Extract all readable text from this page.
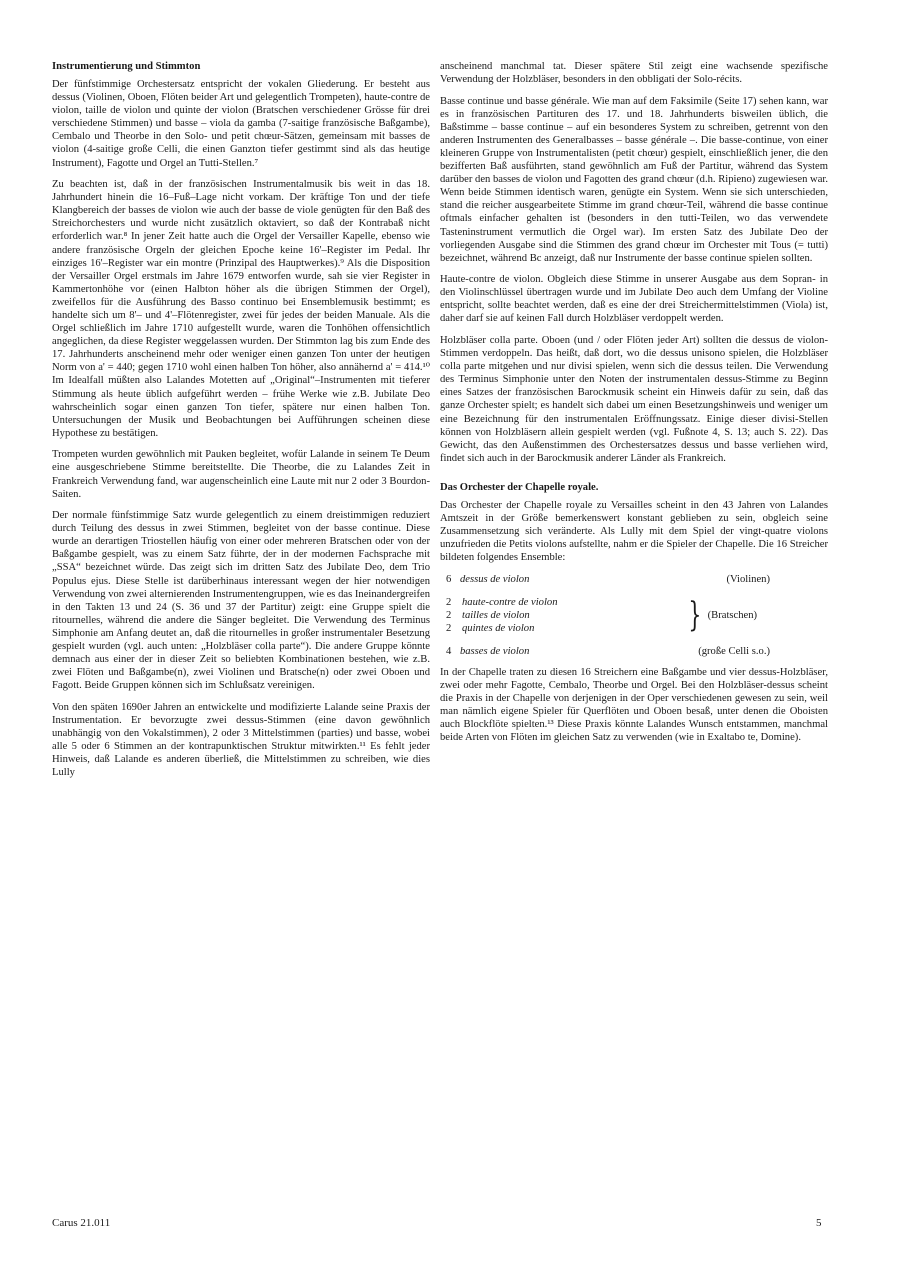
Instrumentierung und Stimmton

Der fünfstimmige Orchestersatz entspricht der vokalen Gliederung. Er besteht aus dessus (Violinen, Oboen, Flöten beider Art und gelegentlich Trompeten), haute-contre de violon, taille de violon und quinte der violon (Bratschen verschiedener Grösse für drei verschiedene Stimmen) und basse – viola da gamba (7-saitige französische Baßgambe), Cembalo und Theorbe in den Solo- und petit chœur-Sätzen, gemeinsam mit basses de violon (4-saitige große Celli, die einen Ganzton tiefer gestimmt sind als das heutige Instrument), Fagotte und Orgel an Tutti-Stellen.⁷

Zu beachten ist, daß in der französischen Instrumentalmusik bis weit in das 18. Jahrhundert hinein die 16–Fuß–Lage nicht vorkam. Der kräftige Ton und der tiefe Klangbereich der basses de violon wie auch der basse de viole genügten für den Baß des Streichorchesters und wurde nicht zusätzlich oktaviert, so daß der Kontrabaß nicht erforderlich war.⁸ In jener Zeit hatte auch die Orgel der Versailler Kapelle, ebenso wie andere französische Orgeln der gleichen Epoche keine 16'–Register im Pedal. Ihr einziges 16'–Register war ein montre (Prinzipal des Hauptwerkes).⁹ Als die Disposition der Versailler Orgel erstmals im Jahre 1679 entworfen wurde, sah sie vier Register in Kammertonhöhe vor (einen Halbton höher als die übrigen Stimmen der Orgel), zweifellos für die Ausführung des Basso continuo bei Ensemblemusik bestimmt; es handelte sich um 8'– und 4'–Flötenregister, zwei für jedes der beiden Manuale. Als die Orgel schließlich im Jahre 1710 aufgestellt wurde, waren die Tonhöhen offensichtlich angeglichen, da diese Register weggelassen wurden. Der Stimmton lag bis zum Ende des 17. Jahrhunderts anscheinend mehr oder weniger einen ganzen Ton unter der heutigen Norm von a' = 440; gegen 1710 wohl einen halben Ton höher, also annähernd a' = 414.¹⁰ Im Idealfall müßten also Lalandes Motetten auf „Original“–Instrumenten mit tieferer Stimmung als heute üblich aufgeführt werden – frühe Werke wie z.B. Jubilate Deo wahrscheinlich sogar einen ganzen Ton tiefer, spätere nur einen halben Ton. Untersuchungen der Musik und Beobachtungen bei Aufführungen scheinen diese Hypothese zu bestätigen.

Trompeten wurden gewöhnlich mit Pauken begleitet, wofür Lalande in seinem Te Deum eine ausgeschriebene Stimme bereitstellte. Die Theorbe, die zu Lalandes Zeit in Frankreich Verwendung fand, war augenscheinlich eine Laute mit nur 2 oder 3 Bourdon-Saiten.

Der normale fünfstimmige Satz wurde gelegentlich zu einem dreistimmigen reduziert durch Teilung des dessus in zwei Stimmen, begleitet von der basse continue. Diese wurde an derartigen Triostellen häufig von einer oder mehreren Bratschen oder von der Baßgambe gespielt, was zu einem Satz führte, der in der modernen Fachsprache mit „SSA“ bezeichnet würde. Das zeigt sich im dritten Satz des Jubilate Deo, dem Trio Populus ejus. Diese Stelle ist darüberhinaus interessant wegen der hier notwendigen Verwendung von zwei alternierenden Instrumentengruppen, wie es das Ineinandergreifen in den Takten 13 und 24 (S. 36 und 37 der Partitur) zeigt: eine Gruppe spielt die ritournelles, während die andere die Sänger begleitet. Die Verwendung des Terminus Simphonie am Anfang deutet an, daß die ritournelles in großer instrumentaler Besetzung gespielt wurden (vgl. auch unten: „Holzbläser colla parte“). Die andere Gruppe könnte demnach aus einer der in dieser Zeit so beliebten Kombinationen bestehen, wie z.B. zwei Flöten und Baßgambe(n), zwei Violinen und Bratsche(n) oder zwei Oboen und Fagott. Beide Gruppen können sich im Schlußsatz vereinigen.

Von den späten 1690er Jahren an entwickelte und modifizierte Lalande seine Praxis der Instrumentation. Er bevorzugte zwei dessus-Stimmen (eine davon gewöhnlich unabhängig von den Vokalstimmen), 2 oder 3 Mittelstimmen (parties) und basse, wobei alle 5 oder 6 Stimmen an der kontrapunktischen Struktur mitwirkten.¹¹ Es fehlt jeder Hinweis, daß Lalande es anderen überließ, die Mittelstimmen zu schreiben, wie dies Lully

anscheinend manchmal tat. Dieser spätere Stil zeigt eine wachsende spezifische Verwendung der Holzbläser, besonders in den obbligati der Solo-récits.

Basse continue und basse générale. Wie man auf dem Faksimile (Seite 17) sehen kann, war es in französischen Partituren des 17. und 18. Jahrhunderts bisweilen üblich, die Baßstimme – basse continue – auf ein besonderes System zu schreiben, getrennt von den anderen Instrumenten des Generalbasses – basse générale –. Die basse-continue, von einer kleineren Gruppe von Instrumentalisten (petit chœur) gespielt, einschließlich jener, die den bezifferten Baß ausführten, stand gewöhnlich am Fuß der Partitur, während das System darüber den basses de violon und Fagotten des grand chœur (d.h. Ripieno) zugewiesen war. Wenn beide Stimmen identisch waren, genügte ein System. Wenn sie sich unterschieden, stand die reicher ausgearbeitete Stimme im grand chœur-Teil, während die basse continue oftmals einfacher gehalten ist (besonders in den tutti-Teilen, wo das verwendete Tasteninstrument vermutlich die Orgel war). Im ersten Satz des Jubilate Deo der vorliegenden Ausgabe sind die Stimmen des grand chœur im Orchester mit Tous (= tutti) bezeichnet, während Bc anzeigt, daß nur Instrumente der basse continue spielen sollten.

Haute-contre de violon. Obgleich diese Stimme in unserer Ausgabe aus dem Sopran- in den Violinschlüssel übertragen wurde und im Jubilate Deo auch dem Umfang der Violine entspricht, sollte beachtet werden, daß es eine der drei Streichermittelstimmen (Viola) ist, daher darf sie auf keinen Fall durch Holzbläser verdoppelt werden.

Holzbläser colla parte. Oboen (und / oder Flöten jeder Art) sollten die dessus de violon-Stimmen verdoppeln. Das heißt, daß dort, wo die dessus unisono spielen, die Holzbläser colla parte mitgehen und nur divisi spielen, wenn sich die dessus teilen. Die Verwendung des Terminus Simphonie unter den Noten der instrumentalen dessus-Stimme zu Beginn eines Satzes der französischen Barockmusik scheint ein Hinweis dafür zu sein, daß das ganze Orchester spielt; es handelt sich dabei um einen Besetzungshinweis und weniger um eine Bezeichnung für den instrumentalen Eröffnungssatz. Einige dieser divisi-Stellen können von Holzbläsern allein gespielt werden (vgl. Fußnote 4, S. 13; auch S. 22). Das Gewicht, das den Außenstimmen des Orchestersatzes dessus und basse verliehen wird, findet sich auch in der Barockmusik anderer Länder als Frankreich.

Das Orchester der Chapelle royale.

Das Orchester der Chapelle royale zu Versailles scheint in den 43 Jahren von Lalandes Amtszeit in der Größe bemerkenswert konstant geblieben zu sein, obgleich seine Zusammensetzung sich veränderte. Als Lully mit dem Spiel der vingt-quatre violons unzufrieden die Petits violons aufstellte, nahm er die Spieler der Chapelle. Die 16 Streicher bildeten folgendes Ensemble:

6 dessus de violon	(Violinen)
2	haute-contre de violon
2	tailles de violon
2	quintes de violon	} (Bratschen)
4 basses de violon	(große Celli s.o.)

In der Chapelle traten zu diesen 16 Streichern eine Baßgambe und vier dessus-Holzbläser, zwei oder mehr Fagotte, Cembalo, Theorbe und Orgel. Bei den Holzbläser-dessus scheint die Praxis in der Chapelle von derjenigen in der Oper verschiedenen gewesen zu sein, weil man nämlich eigene Spieler für Querflöten und Oboen besaß, unter denen die Oboisten auch Blockflöte spielten.¹³ Diese Praxis könnte Lalandes Wunsch entstammen, manchmal beide Arten von Flöten im gleichen Satz zu verwenden (wie in Exaltabo te, Domine).

Carus 21.011	5
